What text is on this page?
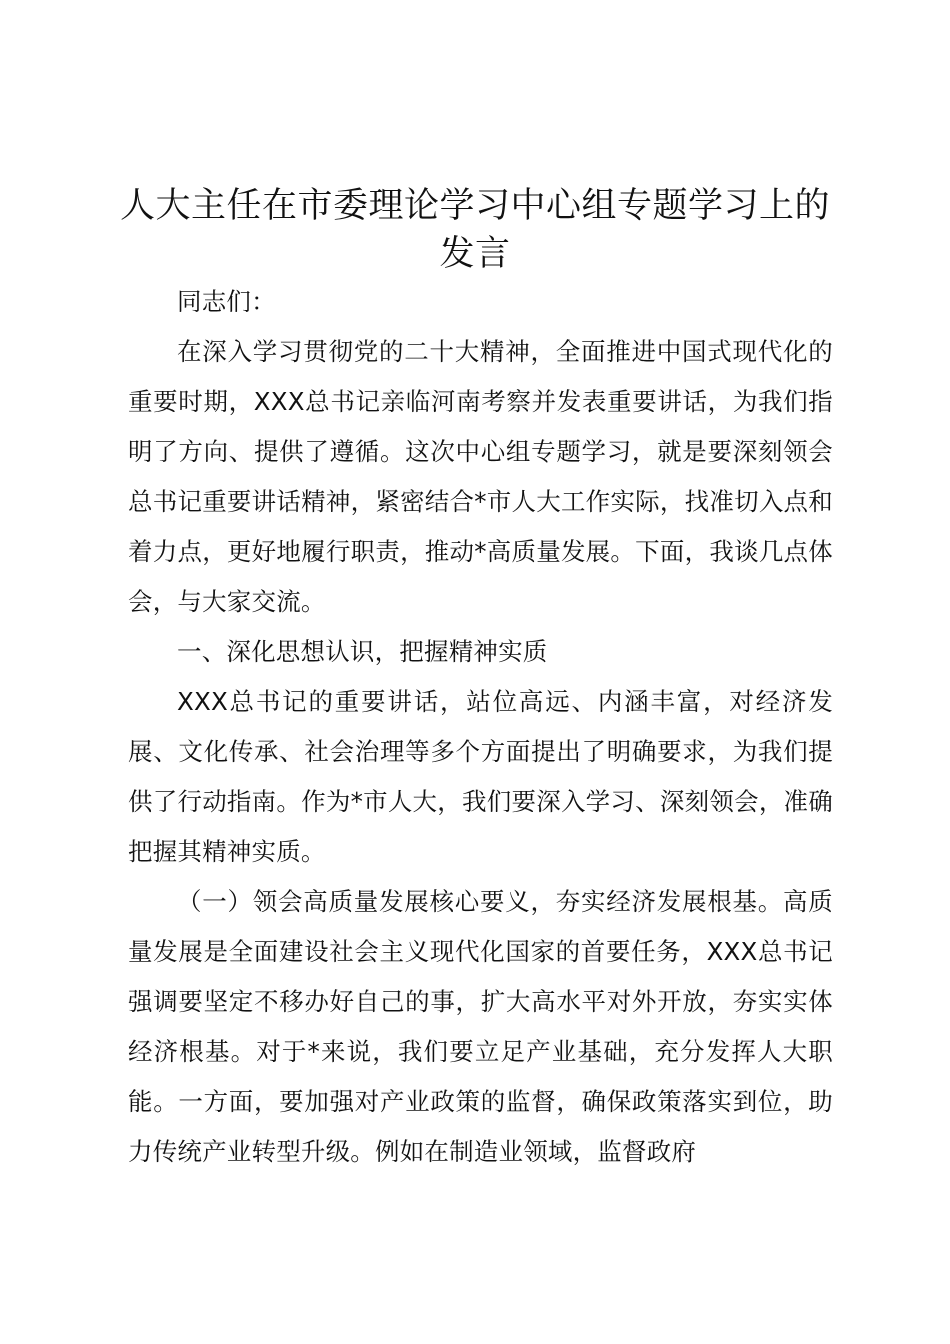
人大主任在市委理论学习中心组专题学习上的发言

同志们：

在深入学习贯彻党的二十大精神，全面推进中国式现代化的重要时期，XXX总书记亲临河南考察并发表重要讲话，为我们指明了方向、提供了遵循。这次中心组专题学习，就是要深刻领会总书记重要讲话精神，紧密结合*市人大工作实际，找准切入点和着力点，更好地履行职责，推动*高质量发展。下面，我谈几点体会，与大家交流。

一、深化思想认识，把握精神实质

XXX总书记的重要讲话，站位高远、内涵丰富，对经济发展、文化传承、社会治理等多个方面提出了明确要求，为我们提供了行动指南。作为*市人大，我们要深入学习、深刻领会，准确把握其精神实质。

（一）领会高质量发展核心要义，夯实经济发展根基。高质量发展是全面建设社会主义现代化国家的首要任务，XXX总书记强调要坚定不移办好自己的事，扩大高水平对外开放，夯实实体经济根基。对于*来说，我们要立足产业基础，充分发挥人大职能。一方面，要加强对产业政策的监督，确保政策落实到位，助力传统产业转型升级。例如在制造业领域，监督政府
